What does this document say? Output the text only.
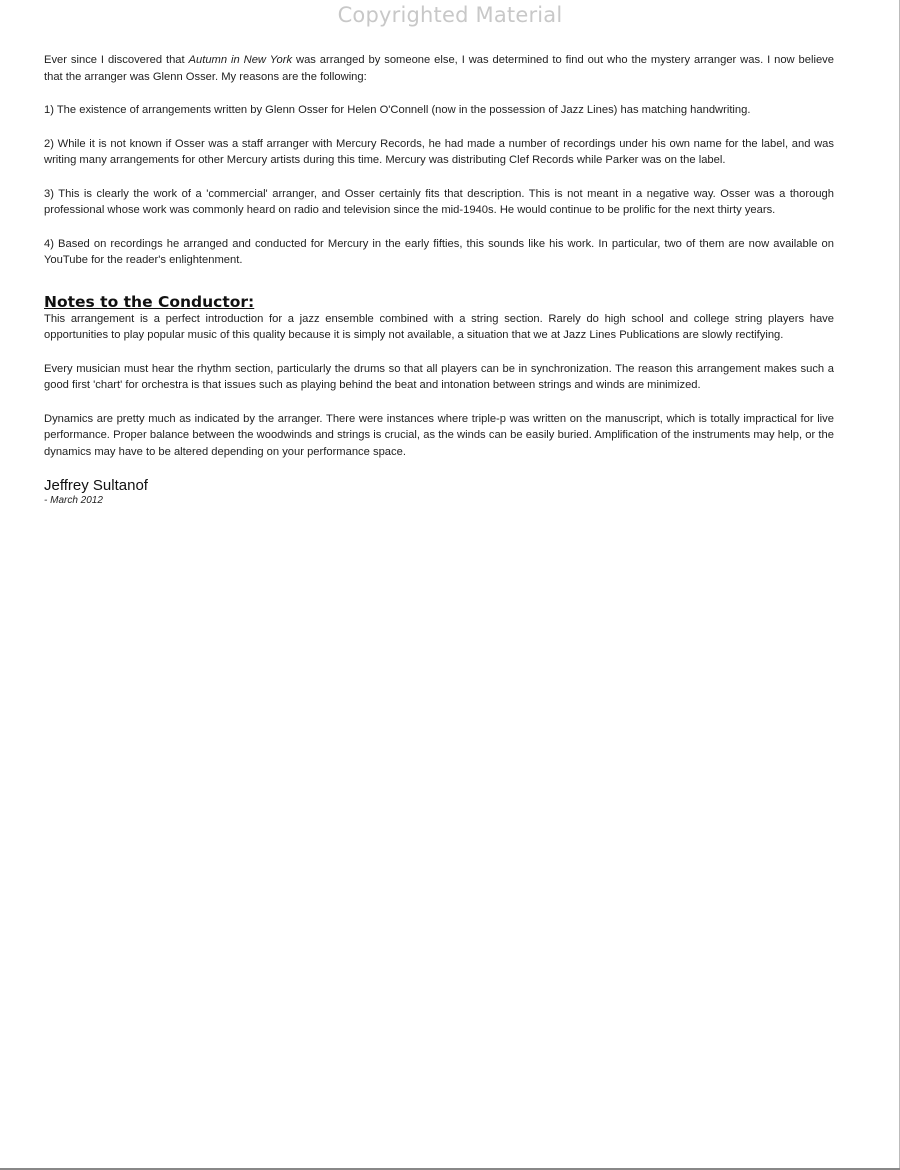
Copyrighted Material

Ever since I discovered that Autumn in New York was arranged by someone else, I was determined to find out who the mystery arranger was. I now believe that the arranger was Glenn Osser. My reasons are the following:

1) The existence of arrangements written by Glenn Osser for Helen O'Connell (now in the possession of Jazz Lines) has matching handwriting.

2) While it is not known if Osser was a staff arranger with Mercury Records, he had made a number of recordings under his own name for the label, and was writing many arrangements for other Mercury artists during this time. Mercury was distributing Clef Records while Parker was on the label.

3) This is clearly the work of a 'commercial' arranger, and Osser certainly fits that description. This is not meant in a negative way. Osser was a thorough professional whose work was commonly heard on radio and television since the mid-1940s. He would continue to be prolific for the next thirty years.

4) Based on recordings he arranged and conducted for Mercury in the early fifties, this sounds like his work. In particular, two of them are now available on YouTube for the reader's enlightenment.

Notes to the Conductor:

This arrangement is a perfect introduction for a jazz ensemble combined with a string section. Rarely do high school and college string players have opportunities to play popular music of this quality because it is simply not available, a situation that we at Jazz Lines Publications are slowly rectifying.

Every musician must hear the rhythm section, particularly the drums so that all players can be in synchronization. The reason this arrangement makes such a good first 'chart' for orchestra is that issues such as playing behind the beat and intonation between strings and winds are minimized.

Dynamics are pretty much as indicated by the arranger. There were instances where triple-p was written on the manuscript, which is totally impractical for live performance. Proper balance between the woodwinds and strings is crucial, as the winds can be easily buried. Amplification of the instruments may help, or the dynamics may have to be altered depending on your performance space.

Jeffrey Sultanof
- March 2012
